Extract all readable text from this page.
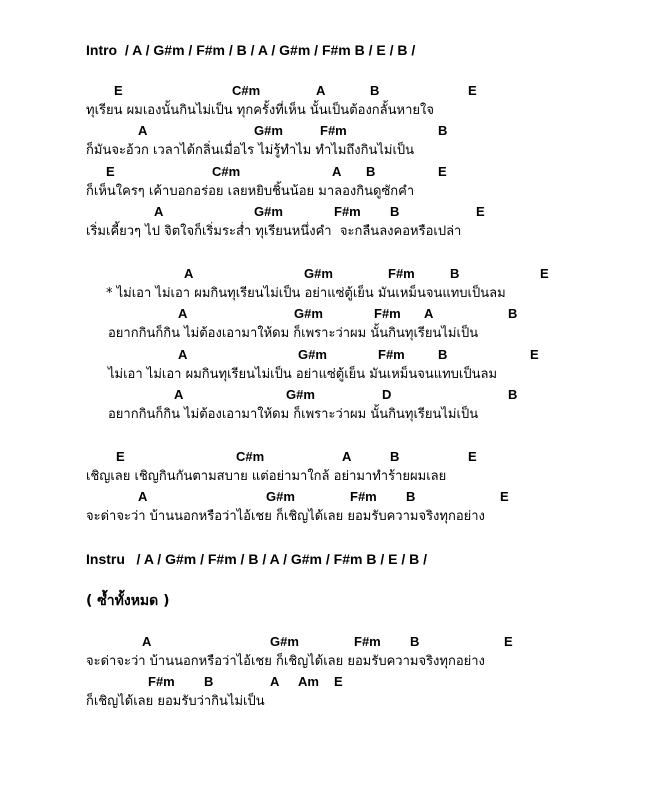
Intro  / A / G#m / F#m / B / A / G#m / F#m B / E / B /

E

	C#m

	A

	B

	E

ทุเรียน ผมเองนั้นกินไม่เป็น ทุกครั้งที่เห็น นั้นเป็นต้องกลั้นหายใจ

A

	G#m

	F#m

	B

ก็มันจะอ้วก เวลาได้กลิ่นเมื่อไร ไม่รู้ทำไม ทำไมถึงกินไม่เป็น

E

	C#m

	A

B

	E

ก็เห็นใครๆ เค้าบอกอร่อย เลยหยิบชิ้นน้อย มาลองกินดูซักคำ

A

	G#m

	F#m

B

	E

เริ่มเคี้ยวๆ ไป จิตใจก็เริ่มระส่ำ ทุเรียนหนึ่งคำ  จะกลืนลงคอหรือเปล่า

A

	G#m

	F#m

	B

	E

* ไม่เอา ไม่เอา ผมกินทุเรียนไม่เป็น อย่าแซ่ตู้เย็น มันเหม็นจนแทบเป็นลม

A

	G#m

	F#m

A

	B

อยากกินก็กิน ไม่ต้องเอามาให้ดม ก็เพราะว่าผม นั้นกินทุเรียนไม่เป็น

A

	G#m

	F#m

	B

	E

ไม่เอา ไม่เอา ผมกินทุเรียนไม่เป็น อย่าแซ่ตู้เย็น มันเหม็นจนแทบเป็นลม

A

	G#m

	D

	B

อยากกินก็กิน ไม่ต้องเอามาให้ดม ก็เพราะว่าผม นั้นกินทุเรียนไม่เป็น

E

	C#m

	A

	B

	E

เชิญเลย เชิญกินกันตามสบาย แต่อย่ามาใกล้ อย่ามาทำร้ายผมเลย

A

	G#m

	F#m

B

	E

จะด่าจะว่า บ้านนอกหรือว่าไอ้เชย ก็เชิญได้เลย ยอมรับความจริงทุกอย่าง
Instru   / A / G#m / F#m / B / A / G#m / F#m B / E / B /
( ซ้ำทั้งหมด )

A

	G#m

	F#m

B

	E

จะด่าจะว่า บ้านนอกหรือว่าไอ้เชย ก็เชิญได้เลย ยอมรับความจริงทุกอย่าง

F#m

B

	A

Am

E

ก็เชิญได้เลย ยอมรับว่ากินไม่เป็น
